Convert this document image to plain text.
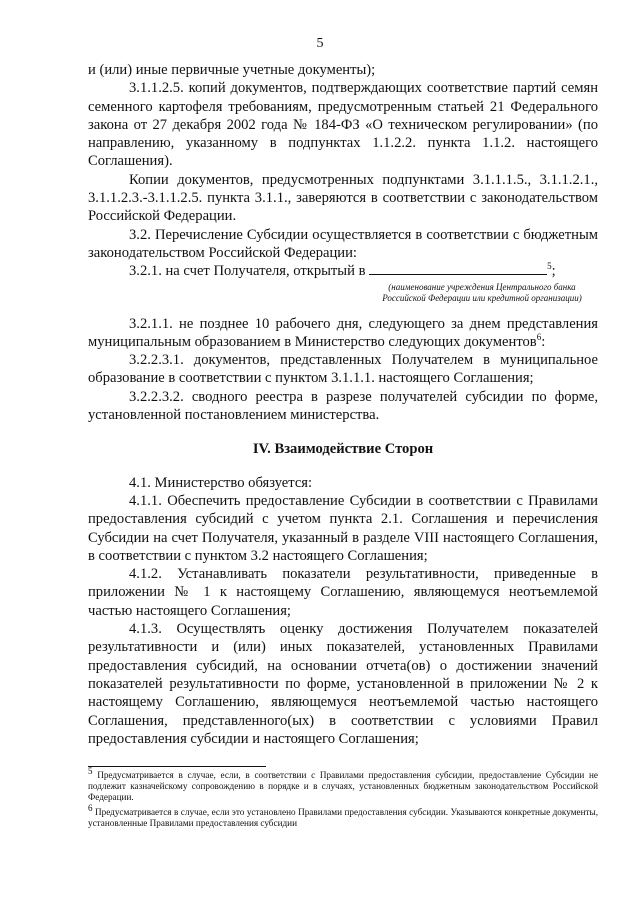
5

и (или) иные первичные учетные документы);

3.1.1.2.5. копий документов, подтверждающих соответствие партий семян семенного картофеля требованиям, предусмотренным статьей 21 Федерального закона от 27 декабря 2002 года № 184-ФЗ «О техническом регулировании» (по направлению, указанному в подпунктах 1.1.2.2. пункта 1.1.2. настоящего Соглашения).

Копии документов, предусмотренных подпунктами 3.1.1.1.5., 3.1.1.2.1., 3.1.1.2.3.-3.1.1.2.5. пункта 3.1.1., заверяются в соответствии с законодательством Российской Федерации.

3.2. Перечисление Субсидии осуществляется в соответствии с бюджетным законодательством Российской Федерации:

3.2.1. на счет Получателя, открытый в	$^5$;

(наименование учреждения Центрального банка
Российской Федерации или кредитной организации)

3.2.1.1. не позднее 10 рабочего дня, следующего за днем представления муниципальным образованием в Министерство следующих документов$^6$:

3.2.2.3.1. документов, представленных Получателем в муниципальное образование в соответствии с пунктом 3.1.1.1. настоящего Соглашения;

3.2.2.3.2. сводного реестра в разрезе получателей субсидии по форме, установленной постановлением министерства.

IV. Взаимодействие Сторон

4.1. Министерство обязуется:

4.1.1. Обеспечить предоставление Субсидии в соответствии с Правилами предоставления субсидий с учетом пункта 2.1. Соглашения и перечисления Субсидии на счет Получателя, указанный в разделе VIII настоящего Соглашения, в соответствии с пунктом 3.2 настоящего Соглашения;

4.1.2. Устанавливать показатели результативности, приведенные в приложении № 1 к настоящему Соглашению, являющемуся неотъемлемой частью настоящего Соглашения;

4.1.3. Осуществлять оценку достижения Получателем показателей результативности и (или) иных показателей, установленных Правилами предоставления субсидий, на основании отчета(ов) о достижении значений показателей результативности по форме, установленной в приложении № 2 к настоящему Соглашению, являющемуся неотъемлемой частью настоящего Соглашения, представленного(ых) в соответствии с условиями Правил предоставления субсидии и настоящего Соглашения;

$^5$ Предусматривается в случае, если, в соответствии с Правилами предоставления субсидии, предоставление Субсидии не подлежит казначейскому сопровождению в порядке и в случаях, установленных бюджетным законодательством Российской Федерации.

$^6$ Предусматривается в случае, если это установлено Правилами предоставления субсидии. Указываются конкретные документы, установленные Правилами предоставления субсидии
